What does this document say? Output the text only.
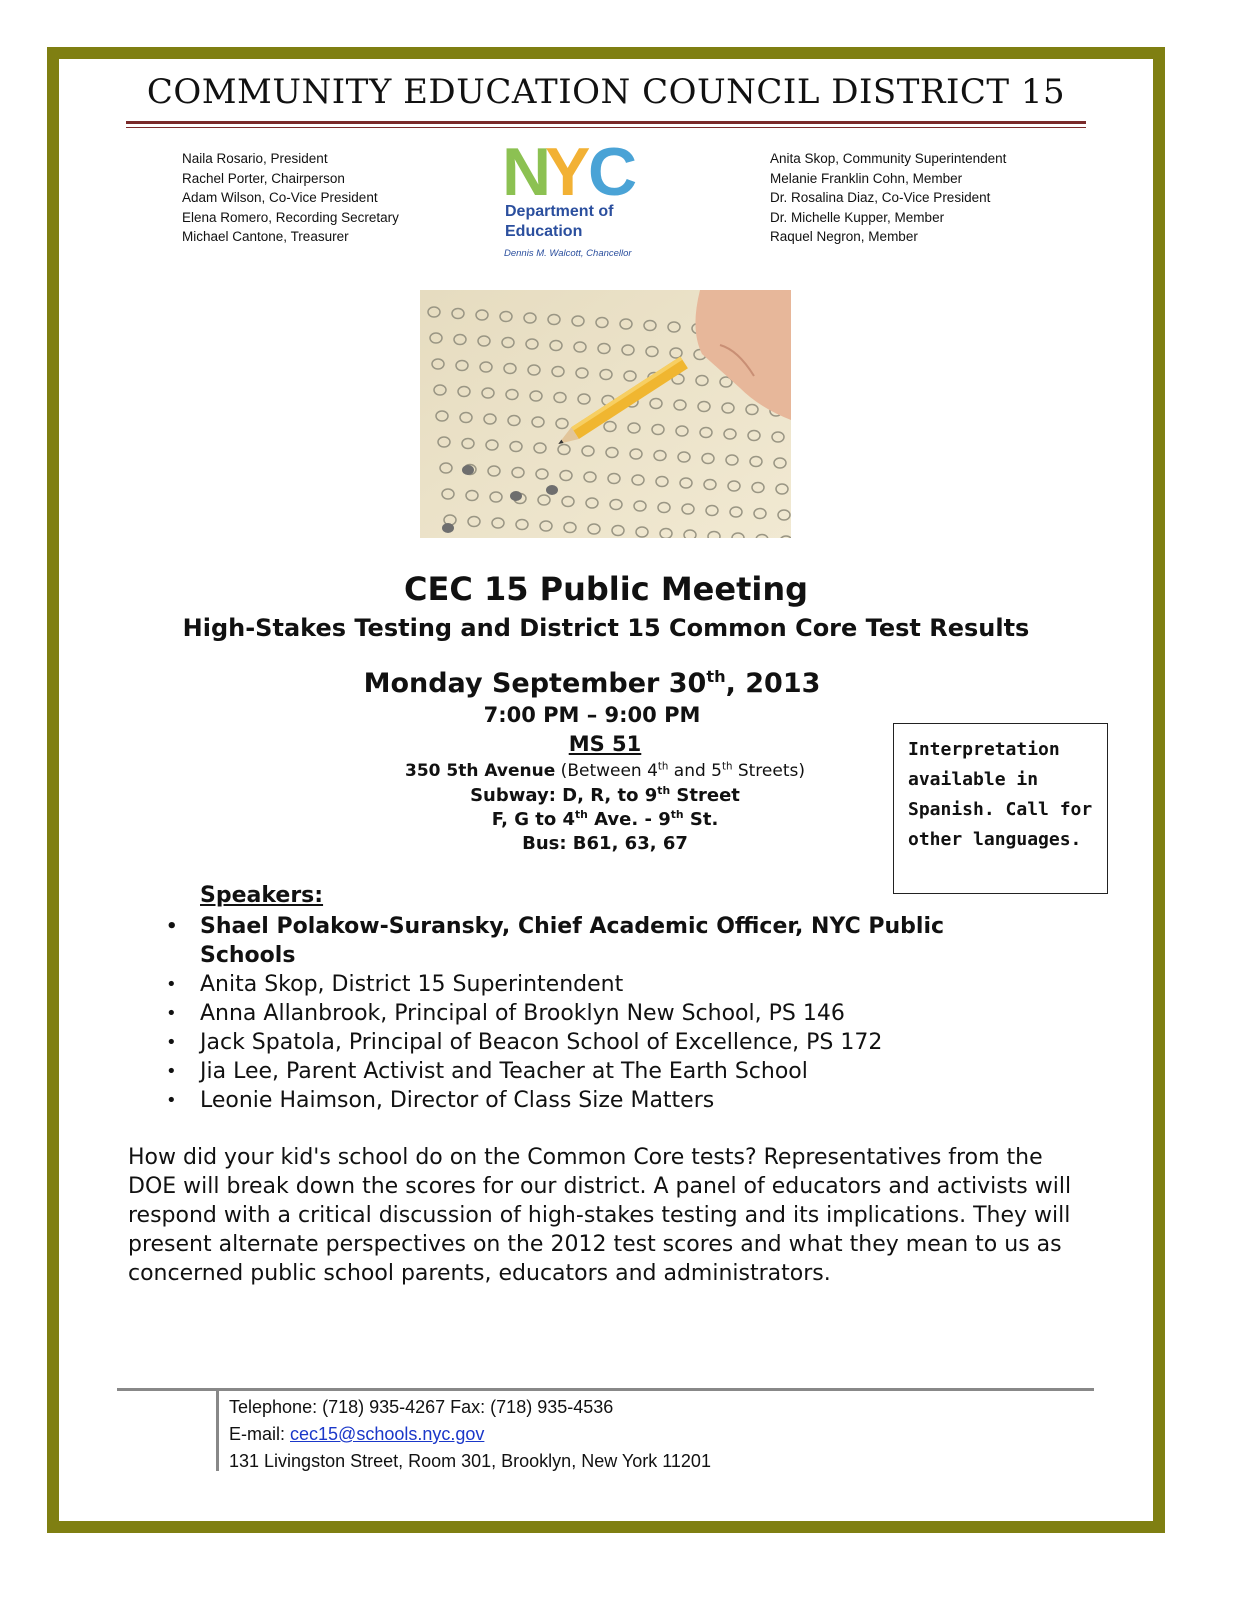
COMMUNITY EDUCATION COUNCIL DISTRICT 15
Naila Rosario, President
Rachel Porter, Chairperson
Adam Wilson, Co-Vice President
Elena Romero, Recording Secretary
Michael Cantone, Treasurer
N
Y
C
Department of
Education
Dennis M. Walcott, Chancellor
Anita Skop, Community Superintendent
Melanie Franklin Cohn, Member
Dr. Rosalina Diaz, Co-Vice President
Dr. Michelle Kupper, Member
Raquel Negron, Member
CEC 15 Public Meeting
High-Stakes Testing and District 15 Common Core Test Results
Monday September 30th, 2013
7:00 PM – 9:00 PM
MS 51
350 5th Avenue (Between 4th and 5th Streets)
Subway: D, R, to 9th Street
F, G to 4th Ave. - 9th St.
Bus: B61, 63, 67
Interpretation
available in
Spanish. Call for
other languages.
Speakers:
• Shael Polakow-Suransky, Chief Academic Officer, NYC Public Schools
• Anita Skop, District 15 Superintendent
• Anna Allanbrook, Principal of Brooklyn New School, PS 146
• Jack Spatola, Principal of Beacon School of Excellence, PS 172
• Jia Lee, Parent Activist and Teacher at The Earth School
• Leonie Haimson, Director of Class Size Matters

How did your kid's school do on the Common Core tests? Representatives from the DOE will break down the scores for our district. A panel of educators and activists will respond with a critical discussion of high-stakes testing and its implications. They will present alternate perspectives on the 2012 test scores and what they mean to us as concerned public school parents, educators and administrators.

Telephone: (718) 935-4267 Fax: (718) 935-4536
E-mail: cec15@schools.nyc.gov
131 Livingston Street, Room 301, Brooklyn, New York 11201
